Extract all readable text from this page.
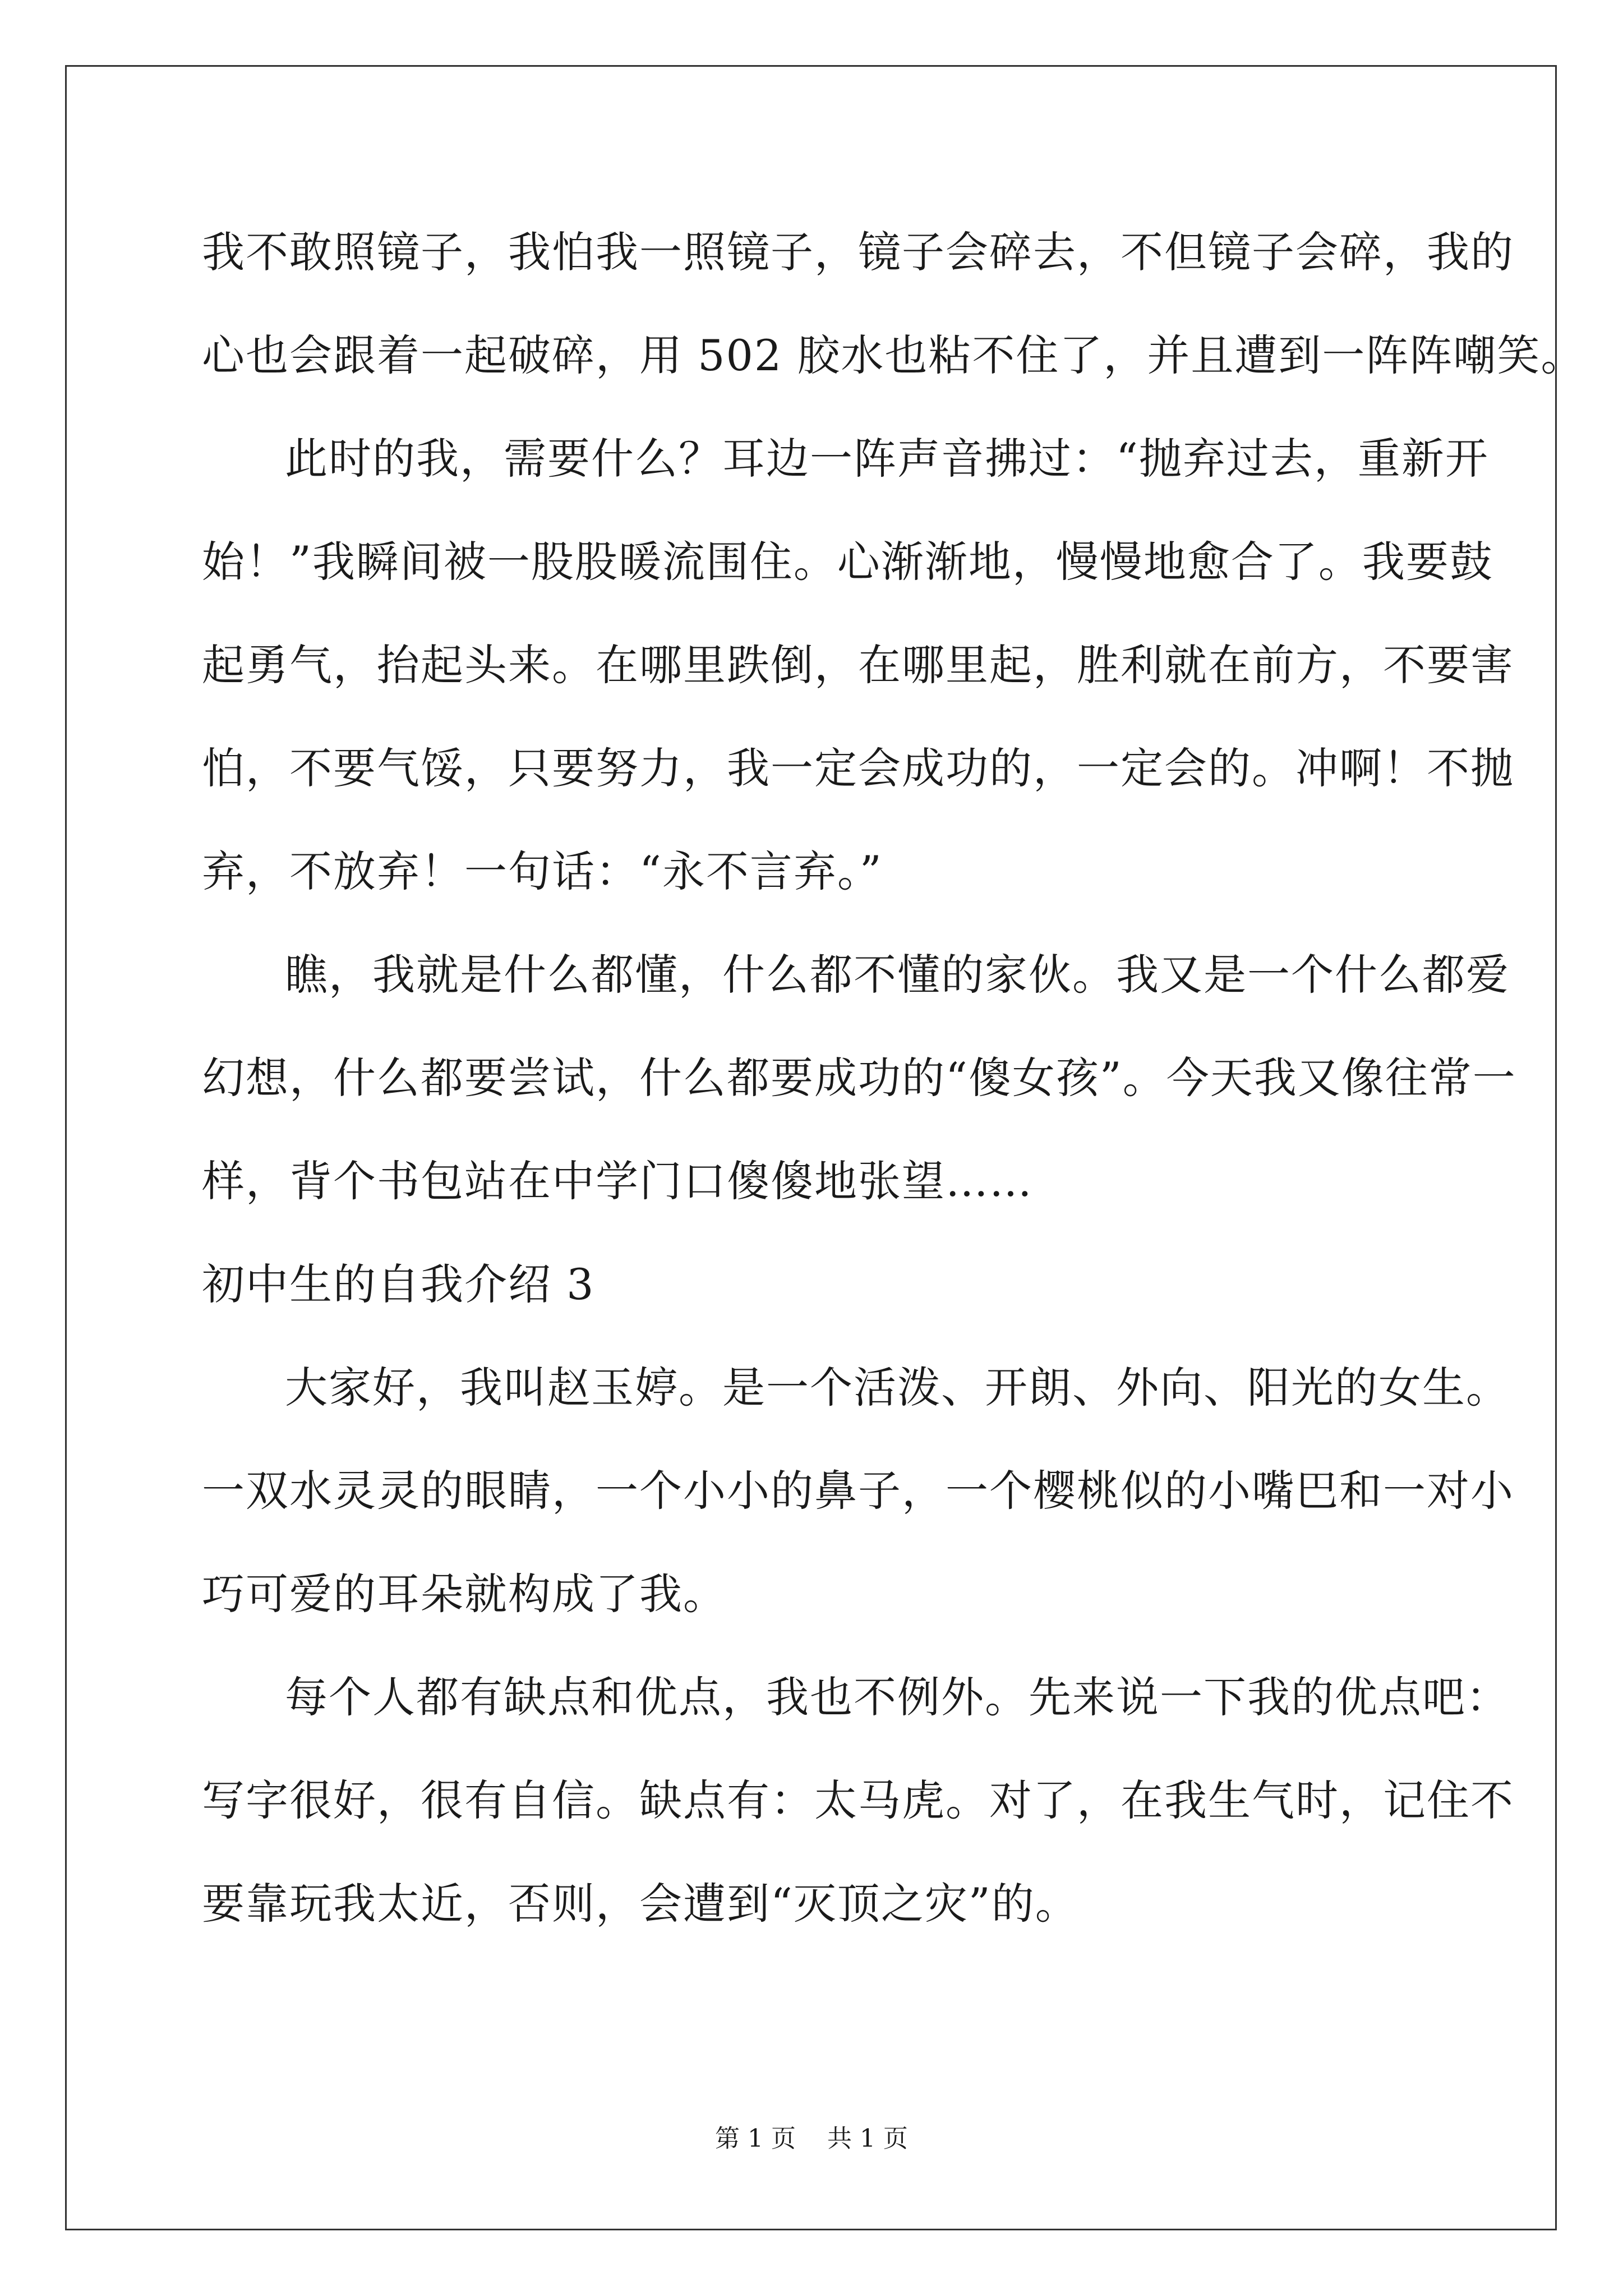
我不敢照镜子，我怕我一照镜子，镜子会碎去，不但镜子会碎，我的
心也会跟着一起破碎，用 502 胶水也粘不住了，并且遭到一阵阵嘲笑。
此时的我，需要什么？耳边一阵声音拂过：“抛弃过去，重新开
始！”我瞬间被一股股暖流围住。心渐渐地，慢慢地愈合了。我要鼓
起勇气，抬起头来。在哪里跌倒，在哪里起，胜利就在前方，不要害
怕，不要气馁，只要努力，我一定会成功的，一定会的。冲啊！不抛
弃，不放弃！一句话：“永不言弃。”
瞧，我就是什么都懂，什么都不懂的家伙。我又是一个什么都爱
幻想，什么都要尝试，什么都要成功的“傻女孩”。今天我又像往常一
样，背个书包站在中学门口傻傻地张望……
初中生的自我介绍 3
大家好，我叫赵玉婷。是一个活泼、开朗、外向、阳光的女生。
一双水灵灵的眼睛，一个小小的鼻子，一个樱桃似的小嘴巴和一对小
巧可爱的耳朵就构成了我。
每个人都有缺点和优点，我也不例外。先来说一下我的优点吧：
写字很好，很有自信。缺点有：太马虎。对了，在我生气时，记住不
要靠玩我太近，否则，会遭到“灭顶之灾”的。
第 1 页    共 1 页
